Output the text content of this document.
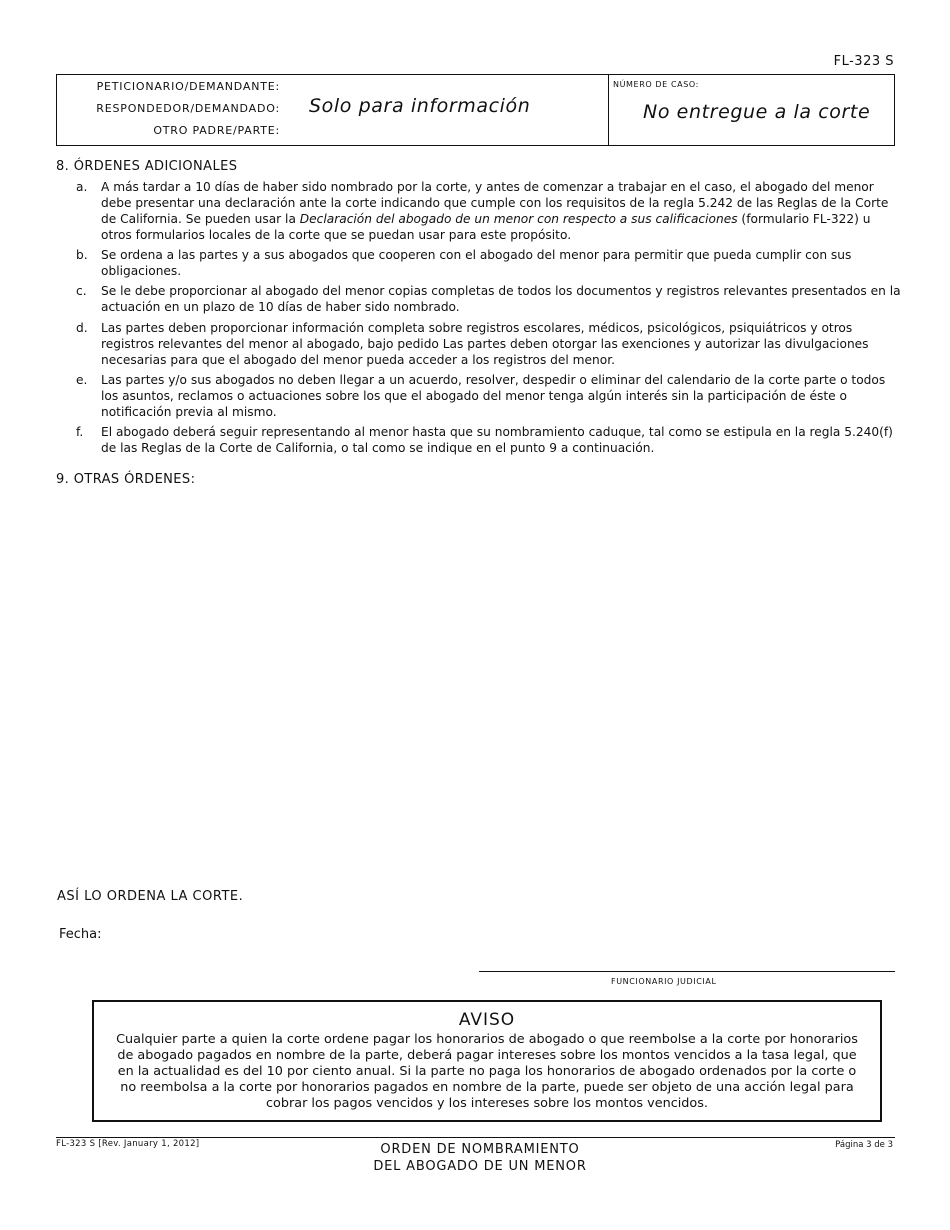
FL-323 S
PETICIONARIO/DEMANDANTE:
RESPONDEDOR/DEMANDADO:
OTRO PADRE/PARTE:
Solo para información
NÚMERO DE CASO:
No entregue a la corte
8. ÓRDENES ADICIONALES
a. A más tardar a 10 días de haber sido nombrado por la corte, y antes de comenzar a trabajar en el caso, el abogado del menor debe presentar una declaración ante la corte indicando que cumple con los requisitos de la regla 5.242 de las Reglas de la Corte de California. Se pueden usar la Declaración del abogado de un menor con respecto a sus calificaciones (formulario FL-322) u otros formularios locales de la corte que se puedan usar para este propósito.
b. Se ordena a las partes y a sus abogados que cooperen con el abogado del menor para permitir que pueda cumplir con sus obligaciones.
c. Se le debe proporcionar al abogado del menor copias completas de todos los documentos y registros relevantes presentados en la actuación en un plazo de 10 días de haber sido nombrado.
d. Las partes deben proporcionar información completa sobre registros escolares, médicos, psicológicos, psiquiátricos y otros registros relevantes del menor al abogado, bajo pedido Las partes deben otorgar las exenciones y autorizar las divulgaciones necesarias para que el abogado del menor pueda acceder a los registros del menor.
e. Las partes y/o sus abogados no deben llegar a un acuerdo, resolver, despedir o eliminar del calendario de la corte parte o todos los asuntos, reclamos o actuaciones sobre los que el abogado del menor tenga algún interés sin la participación de éste o notificación previa al mismo.
f. El abogado deberá seguir representando al menor hasta que su nombramiento caduque, tal como se estipula en la regla 5.240(f) de las Reglas de la Corte de California, o tal como se indique en el punto 9 a continuación.
9. OTRAS ÓRDENES:
ASÍ LO ORDENA LA CORTE.
Fecha:
FUNCIONARIO JUDICIAL
AVISO
Cualquier parte a quien la corte ordene pagar los honorarios de abogado o que reembolse a la corte por honorarios de abogado pagados en nombre de la parte, deberá pagar intereses sobre los montos vencidos a la tasa legal, que en la actualidad es del 10 por ciento anual. Si la parte no paga los honorarios de abogado ordenados por la corte o no reembolsa a la corte por honorarios pagados en nombre de la parte, puede ser objeto de una acción legal para cobrar los pagos vencidos y los intereses sobre los montos vencidos.
FL-323 S [Rev. January 1, 2012]	ORDEN DE NOMBRAMIENTO
DEL ABOGADO DE UN MENOR
Página 3 de 3
